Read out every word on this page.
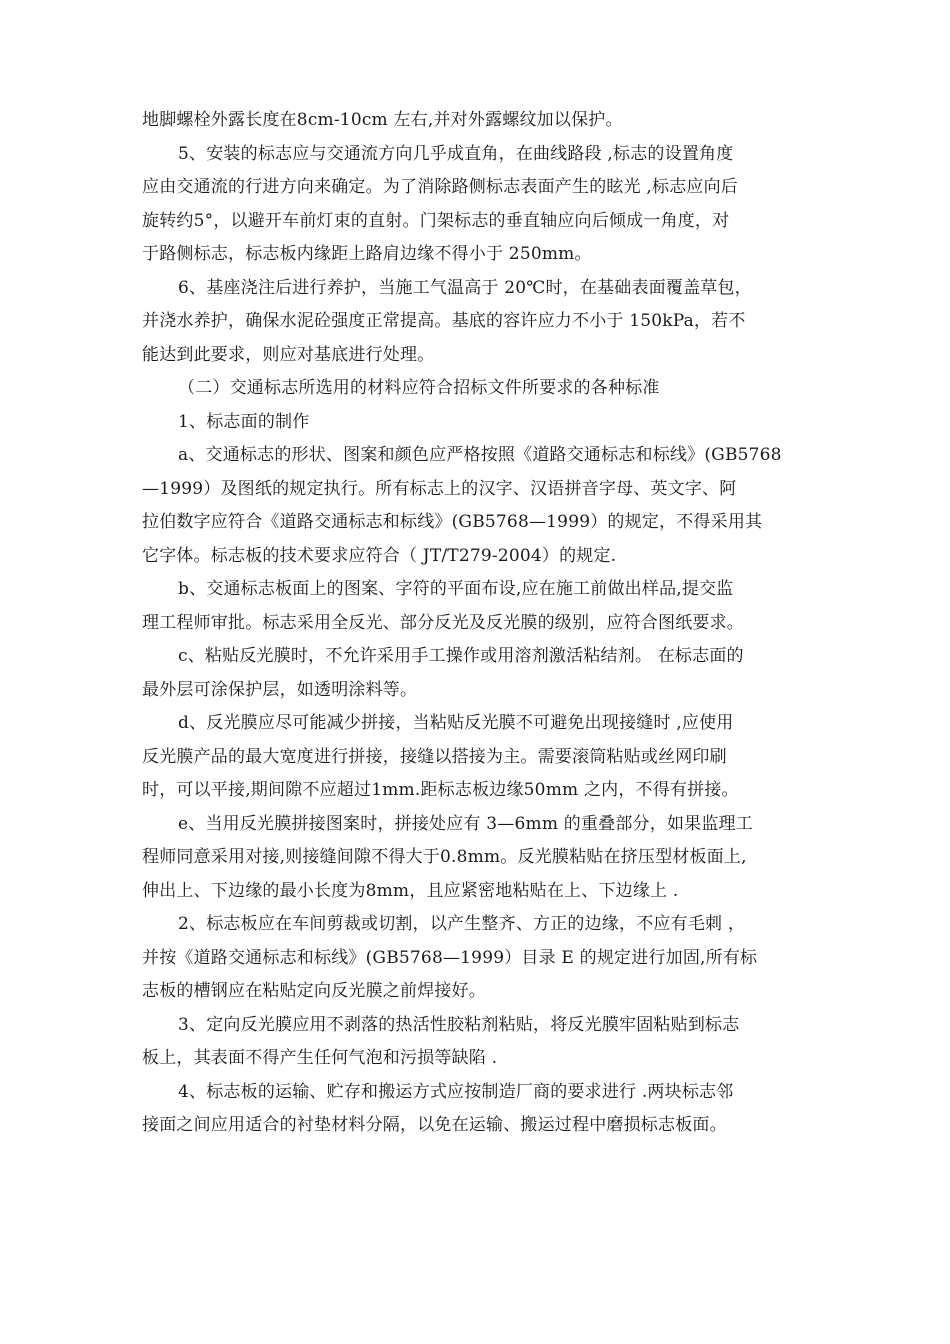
地脚螺栓外露长度在8cm-10cm 左右,并对外露螺纹加以保护。
5、安装的标志应与交通流方向几乎成直角，在曲线路段 ,标志的设置角度
应由交通流的行进方向来确定。为了消除路侧标志表面产生的眩光 ,标志应向后
旋转约5°，以避开车前灯束的直射。门架标志的垂直轴应向后倾成一角度，对
于路侧标志，标志板内缘距上路肩边缘不得小于 250mm。
6、基座浇注后进行养护，当施工气温高于 20℃时，在基础表面覆盖草包，
并浇水养护，确保水泥砼强度正常提高。基底的容许应力不小于 150kPa，若不
能达到此要求，则应对基底进行处理。
（二）交通标志所选用的材料应符合招标文件所要求的各种标准
1、标志面的制作
a、交通标志的形状、图案和颜色应严格按照《道路交通标志和标线》(GB5768
—1999）及图纸的规定执行。所有标志上的汉字、汉语拼音字母、英文字、阿
拉伯数字应符合《道路交通标志和标线》(GB5768—1999）的规定，不得采用其
它字体。标志板的技术要求应符合（ JT/T279-2004）的规定.
b、交通标志板面上的图案、字符的平面布设,应在施工前做出样品,提交监
理工程师审批。标志采用全反光、部分反光及反光膜的级别，应符合图纸要求。
c、粘贴反光膜时，不允许采用手工操作或用溶剂激活粘结剂。 在标志面的
最外层可涂保护层，如透明涂料等。
d、反光膜应尽可能减少拼接，当粘贴反光膜不可避免出现接缝时 ,应使用
反光膜产品的最大宽度进行拼接，接缝以搭接为主。需要滚筒粘贴或丝网印刷
时，可以平接,期间隙不应超过1mm.距标志板边缘50mm 之内，不得有拼接。
e、当用反光膜拼接图案时，拼接处应有 3—6mm 的重叠部分，如果监理工
程师同意采用对接,则接缝间隙不得大于0.8mm。反光膜粘贴在挤压型材板面上,
伸出上、下边缘的最小长度为8mm，且应紧密地粘贴在上、下边缘上 .
2、标志板应在车间剪裁或切割，以产生整齐、方正的边缘，不应有毛刺 ，
并按《道路交通标志和标线》(GB5768—1999）目录 E 的规定进行加固,所有标
志板的槽钢应在粘贴定向反光膜之前焊接好。
3、定向反光膜应用不剥落的热活性胶粘剂粘贴，将反光膜牢固粘贴到标志
板上，其表面不得产生任何气泡和污损等缺陷 .
4、标志板的运输、贮存和搬运方式应按制造厂商的要求进行 .两块标志邻
接面之间应用适合的衬垫材料分隔，以免在运输、搬运过程中磨损标志板面。
